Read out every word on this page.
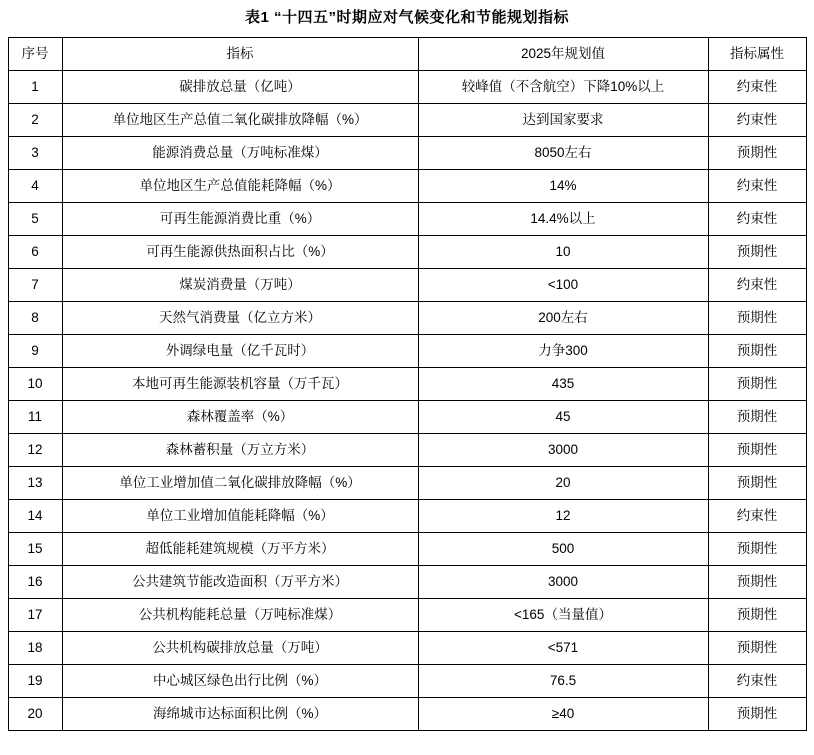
表1 “十四五”时期应对气候变化和节能规划指标
序号	指标	2025年规划值	指标属性
1	碳排放总量（亿吨）	较峰值（不含航空）下降10%以上	约束性
2	单位地区生产总值二氧化碳排放降幅（%）	达到国家要求	约束性
3	能源消费总量（万吨标准煤）	8050左右	预期性
4	单位地区生产总值能耗降幅（%）	14%	约束性
5	可再生能源消费比重（%）	14.4%以上	约束性
6	可再生能源供热面积占比（%）	10	预期性
7	煤炭消费量（万吨）	<100	约束性
8	天然气消费量（亿立方米）	200左右	预期性
9	外调绿电量（亿千瓦时）	力争300	预期性
10	本地可再生能源装机容量（万千瓦）	435	预期性
11	森林覆盖率（%）	45	预期性
12	森林蓄积量（万立方米）	3000	预期性
13	单位工业增加值二氧化碳排放降幅（%）	20	预期性
14	单位工业增加值能耗降幅（%）	12	约束性
15	超低能耗建筑规模（万平方米）	500	预期性
16	公共建筑节能改造面积（万平方米）	3000	预期性
17	公共机构能耗总量（万吨标准煤）	<165（当量值）	预期性
18	公共机构碳排放总量（万吨）	<571	预期性
19	中心城区绿色出行比例（%）	76.5	约束性
20	海绵城市达标面积比例（%）	≥40	预期性
